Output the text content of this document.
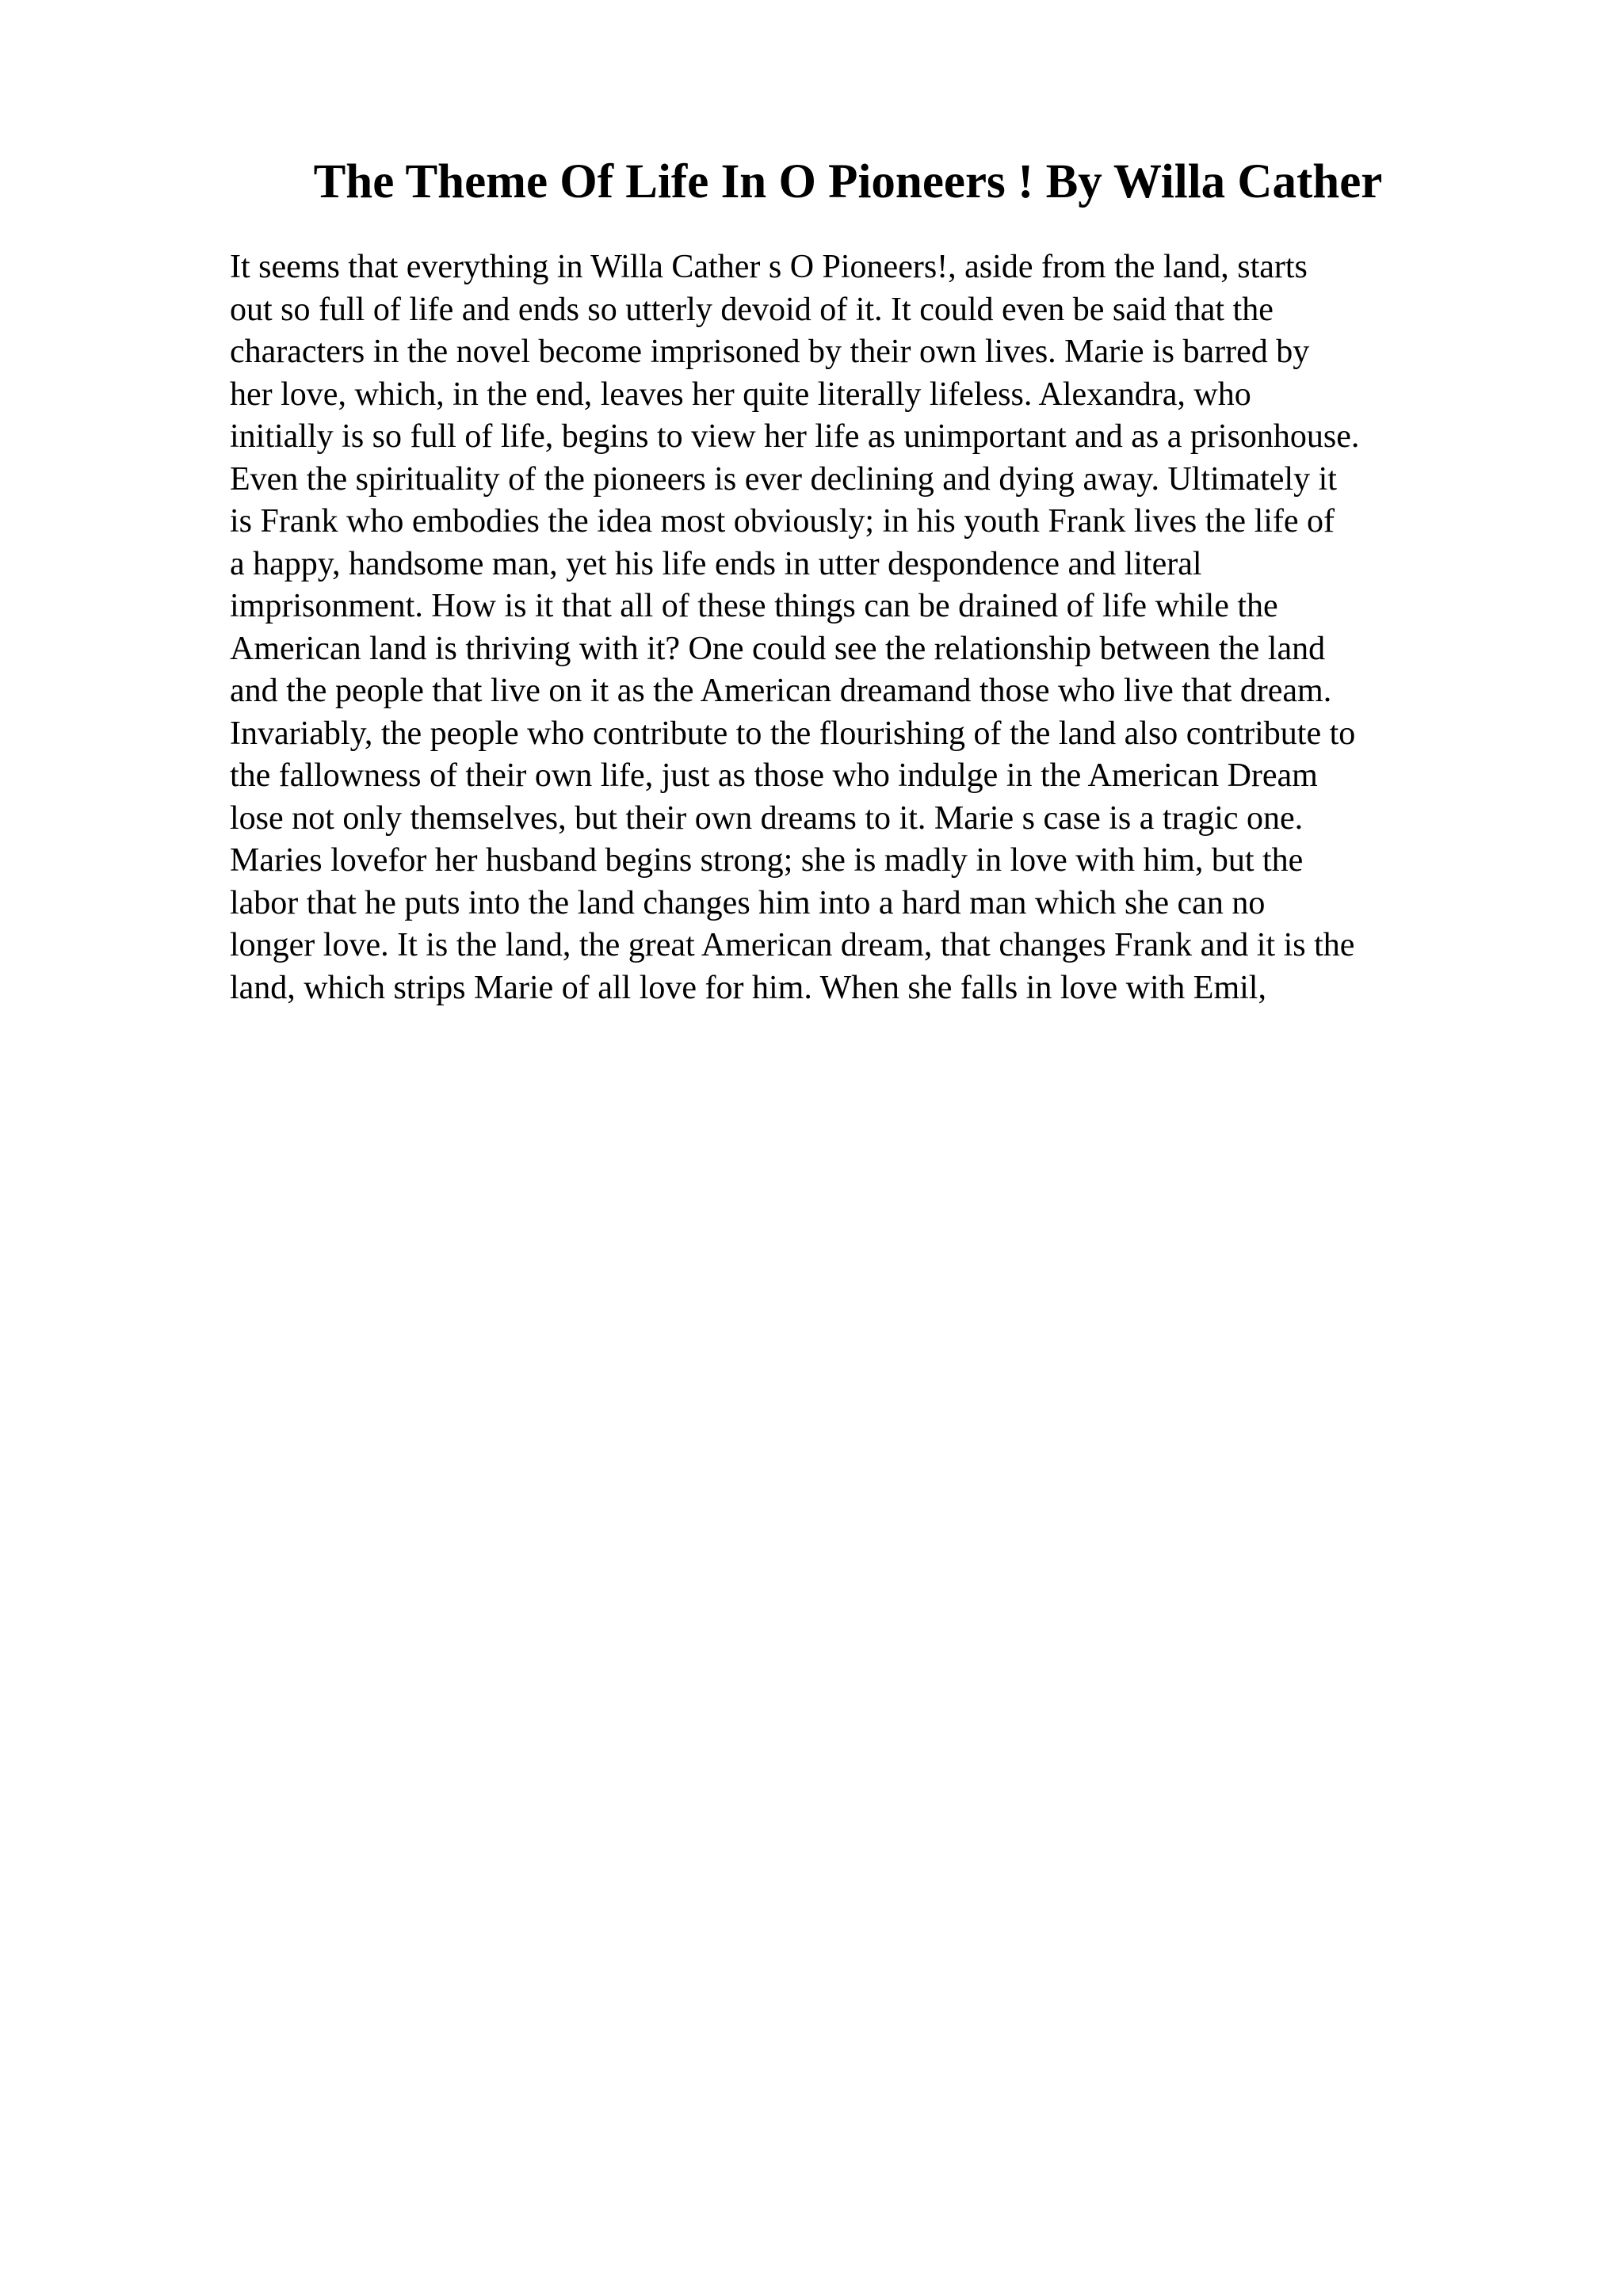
The Theme Of Life In O Pioneers ! By Willa Cather
It seems that everything in Willa Cather s O Pioneers!, aside from the land, starts
out so full of life and ends so utterly devoid of it. It could even be said that the
characters in the novel become imprisoned by their own lives. Marie is barred by
her love, which, in the end, leaves her quite literally lifeless. Alexandra, who
initially is so full of life, begins to view her life as unimportant and as a prisonhouse.
Even the spirituality of the pioneers is ever declining and dying away. Ultimately it
is Frank who embodies the idea most obviously; in his youth Frank lives the life of
a happy, handsome man, yet his life ends in utter despondence and literal
imprisonment. How is it that all of these things can be drained of life while the
American land is thriving with it? One could see the relationship between the land
and the people that live on it as the American dreamand those who live that dream.
Invariably, the people who contribute to the flourishing of the land also contribute to
the fallowness of their own life, just as those who indulge in the American Dream
lose not only themselves, but their own dreams to it. Marie s case is a tragic one.
Maries lovefor her husband begins strong; she is madly in love with him, but the
labor that he puts into the land changes him into a hard man which she can no
longer love. It is the land, the great American dream, that changes Frank and it is the
land, which strips Marie of all love for him. When she falls in love with Emil,
